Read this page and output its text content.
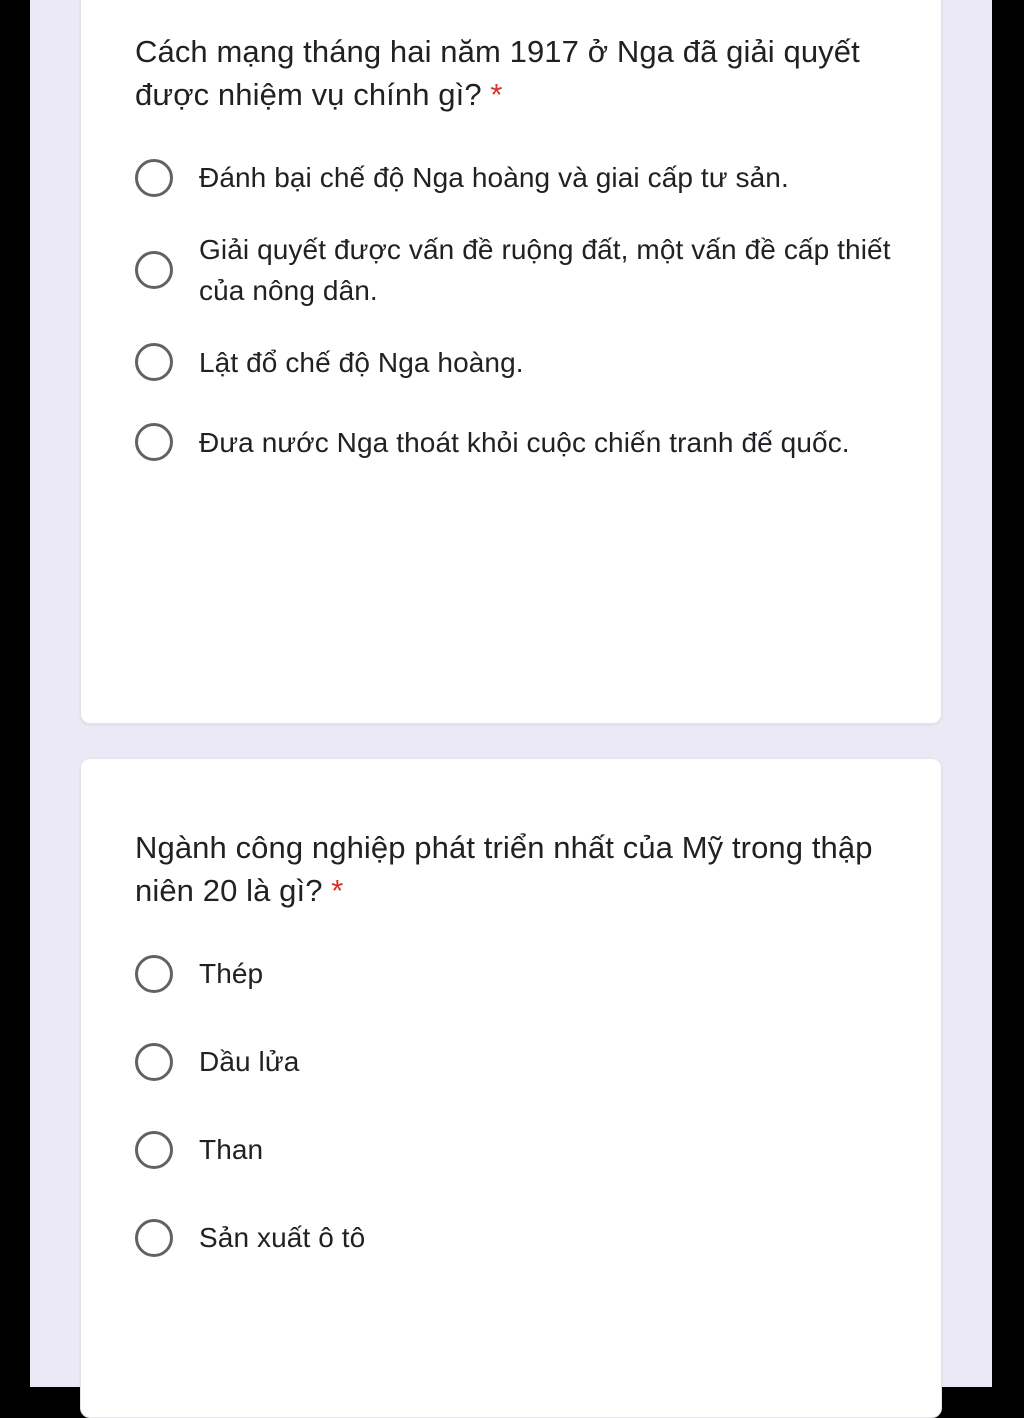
Cách mạng tháng hai năm 1917 ở Nga đã giải quyết được nhiệm vụ chính gì? *
Đánh bại chế độ Nga hoàng và giai cấp tư sản.
Giải quyết được vấn đề ruộng đất, một vấn đề cấp thiết của nông dân.
Lật đổ chế độ Nga hoàng.
Đưa nước Nga thoát khỏi cuộc chiến tranh đế quốc.
Ngành công nghiệp phát triển nhất của Mỹ trong thập niên 20 là gì? *
Thép
Dầu lửa
Than
Sản xuất ô tô
